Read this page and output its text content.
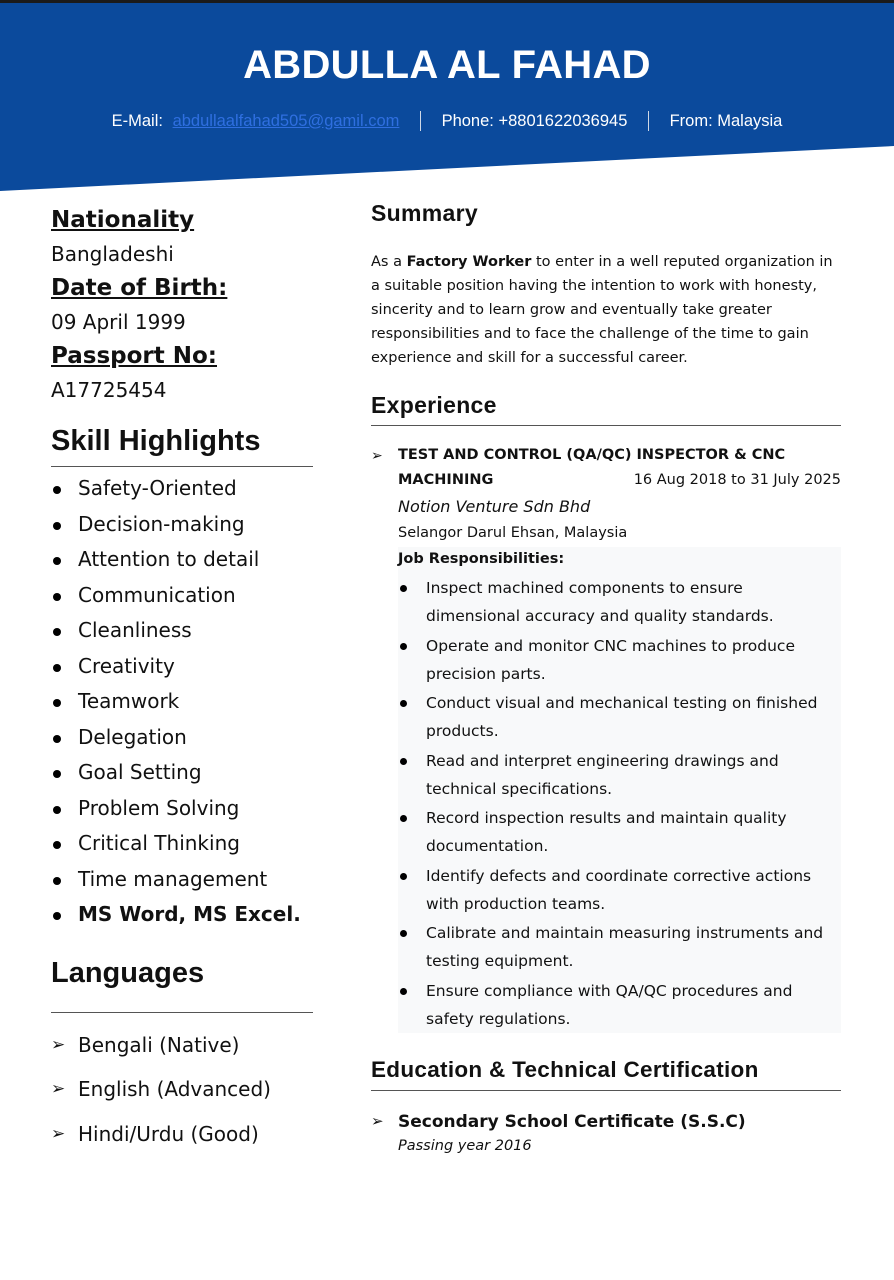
ABDULLA AL FAHAD
E-Mail: abdullaalfahad505@gamil.com	Phone: +8801622036945	From: Malaysia
Nationality
Bangladeshi
Date of Birth:
09 April 1999
Passport No:
A17725454
Skill Highlights
Safety-Oriented
Decision-making
Attention to detail
Communication
Cleanliness
Creativity
Teamwork
Delegation
Goal Setting
Problem Solving
Critical Thinking
Time management
MS Word, MS Excel.
Languages
➢ Bengali (Native)
➢ English (Advanced)
➢ Hindi/Urdu (Good)
Summary

As a Factory Worker to enter in a well reputed organization in a suitable position having the intention to work with honesty, sincerity and to learn grow and eventually take greater responsibilities and to face the challenge of the time to gain experience and skill for a successful career.

Experience
➢ TEST AND CONTROL (QA/QC) INSPECTOR & CNC
MACHINING	16 Aug 2018 to 31 July 2025
Notion Venture Sdn Bhd
Selangor Darul Ehsan, Malaysia
Job Responsibilities:
Inspect machined components to ensure dimensional accuracy and quality standards.
Operate and monitor CNC machines to produce precision parts.
Conduct visual and mechanical testing on finished products.
Read and interpret engineering drawings and technical specifications.
Record inspection results and maintain quality documentation.
Identify defects and coordinate corrective actions with production teams.
Calibrate and maintain measuring instruments and testing equipment.
Ensure compliance with QA/QC procedures and safety regulations.
Education & Technical Certification
➢ Secondary School Certificate (S.S.C)
Passing year 2016
